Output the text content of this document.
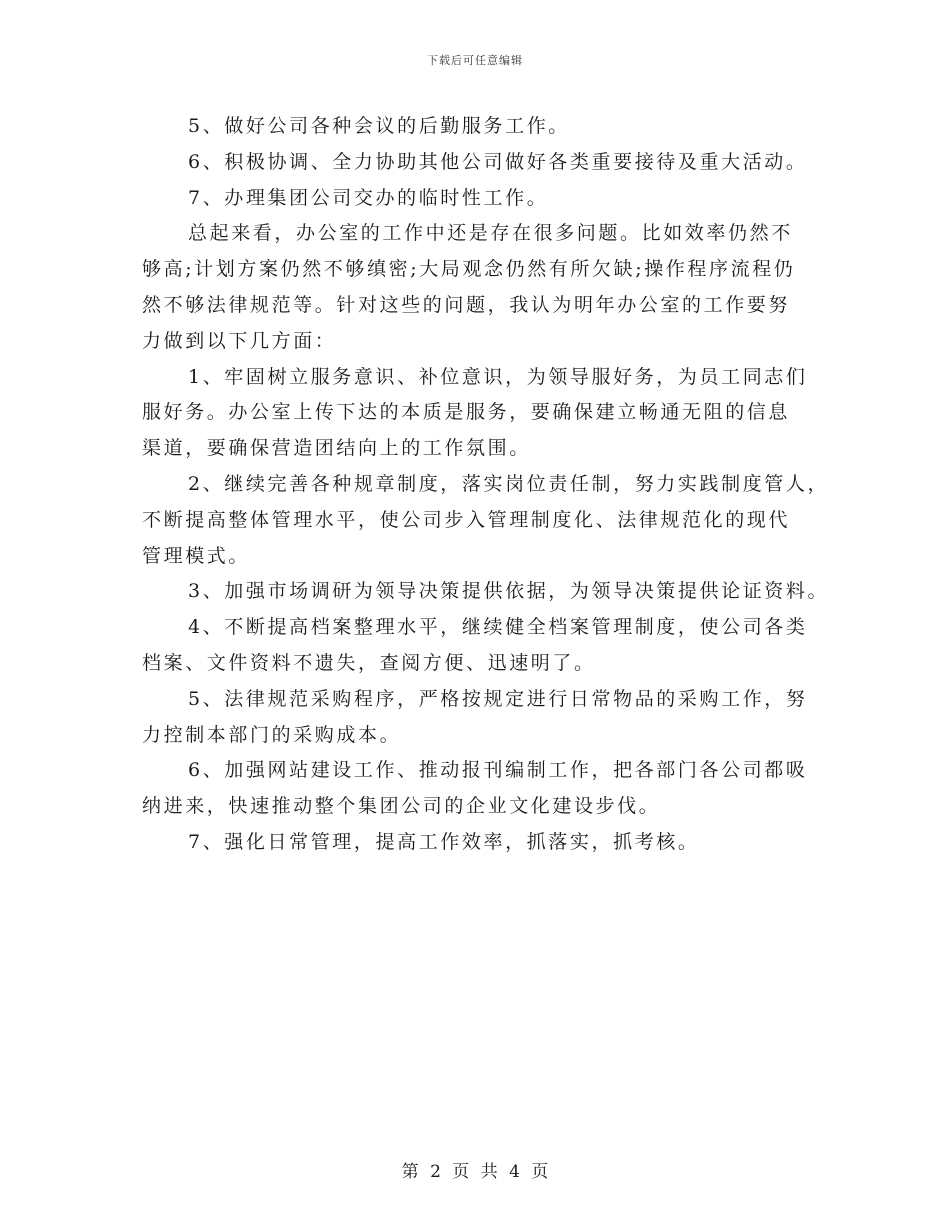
下载后可任意编辑
5、做好公司各种会议的后勤服务工作。
6、积极协调、全力协助其他公司做好各类重要接待及重大活动。
7、办理集团公司交办的临时性工作。
总起来看，办公室的工作中还是存在很多问题。比如效率仍然不
够高;计划方案仍然不够缜密;大局观念仍然有所欠缺;操作程序流程仍
然不够法律规范等。针对这些的问题，我认为明年办公室的工作要努
力做到以下几方面：
1、牢固树立服务意识、补位意识，为领导服好务，为员工同志们
服好务。办公室上传下达的本质是服务，要确保建立畅通无阻的信息
渠道，要确保营造团结向上的工作氛围。
2、继续完善各种规章制度，落实岗位责任制，努力实践制度管人，
不断提高整体管理水平，使公司步入管理制度化、法律规范化的现代
管理模式。
3、加强市场调研为领导决策提供依据，为领导决策提供论证资料。
4、不断提高档案整理水平，继续健全档案管理制度，使公司各类
档案、文件资料不遗失，查阅方便、迅速明了。
5、法律规范采购程序，严格按规定进行日常物品的采购工作，努
力控制本部门的采购成本。
6、加强网站建设工作、推动报刊编制工作，把各部门各公司都吸
纳进来，快速推动整个集团公司的企业文化建设步伐。
7、强化日常管理，提高工作效率，抓落实，抓考核。
第 2 页 共 4 页
